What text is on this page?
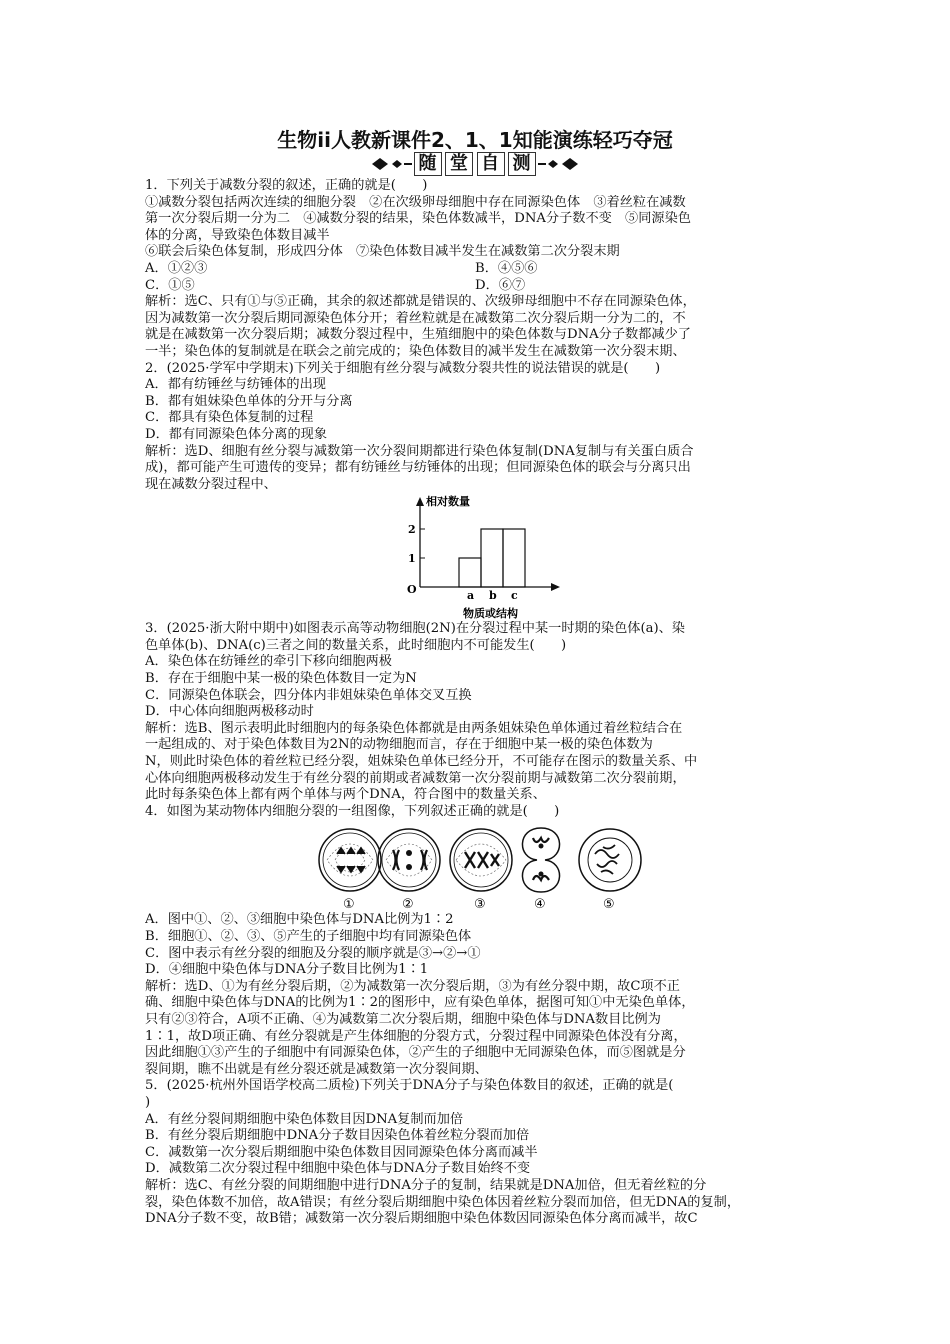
生物ii人教新课件2、1、1知能演练轻巧夺冠
随 堂 自 测

1．下列关于减数分裂的叙述，正确的就是(　　)

①减数分裂包括两次连续的细胞分裂　②在次级卵母细胞中存在同源染色体　③着丝粒在减数

第一次分裂后期一分为二　④减数分裂的结果，染色体数减半，DNA分子数不变　⑤同源染色

体的分离，导致染色体数目减半

⑥联会后染色体复制，形成四分体　⑦染色体数目减半发生在减数第二次分裂末期

A．①②③	B．④⑤⑥
C．①⑤	D．⑥⑦

解析：选C、只有①与⑤正确，其余的叙述都就是错误的、次级卵母细胞中不存在同源染色体，

因为减数第一次分裂后期同源染色体分开；着丝粒就是在减数第二次分裂后期一分为二的，不

就是在减数第一次分裂后期；减数分裂过程中，生殖细胞中的染色体数与DNA分子数都减少了

一半；染色体的复制就是在联会之前完成的；染色体数目的减半发生在减数第一次分裂末期、

2．(2025·学军中学期末)下列关于细胞有丝分裂与减数分裂共性的说法错误的就是(　　)

A．都有纺锤丝与纺锤体的出现

B．都有姐妹染色单体的分开与分离

C．都具有染色体复制的过程

D．都有同源染色体分离的现象

解析：选D、细胞有丝分裂与减数第一次分裂间期都进行染色体复制(DNA复制与有关蛋白质合

成)，都可能产生可遗传的变异；都有纺锤丝与纺锤体的出现；但同源染色体的联会与分离只出

现在减数分裂过程中、

相对数量
物质或结构
O	a b c
1
2

3．(2025·浙大附中期中)如图表示高等动物细胞(2N)在分裂过程中某一时期的染色体(a)、染

色单体(b)、DNA(c)三者之间的数量关系，此时细胞内不可能发生(　　)

A．染色体在纺锤丝的牵引下移向细胞两极

B．存在于细胞中某一极的染色体数目一定为N

C．同源染色体联会，四分体内非姐妹染色单体交叉互换

D．中心体向细胞两极移动时

解析：选B、图示表明此时细胞内的每条染色体都就是由两条姐妹染色单体通过着丝粒结合在

一起组成的、对于染色体数目为2N的动物细胞而言，存在于细胞中某一极的染色体数为

N，则此时染色体的着丝粒已经分裂，姐妹染色单体已经分开，不可能存在图示的数量关系、中

心体向细胞两极移动发生于有丝分裂的前期或者减数第一次分裂前期与减数第二次分裂前期，

此时每条染色体上都有两个单体与两个DNA，符合图中的数量关系、

4．如图为某动物体内细胞分裂的一组图像，下列叙述正确的就是(　　)

①	②	③	④	⑤

A．图中①、②、③细胞中染色体与DNA比例为1∶2

B．细胞①、②、③、⑤产生的子细胞中均有同源染色体

C．图中表示有丝分裂的细胞及分裂的顺序就是③→②→①

D．④细胞中染色体与DNA分子数目比例为1∶1

解析：选D、①为有丝分裂后期，②为减数第一次分裂后期，③为有丝分裂中期，故C项不正

确、细胞中染色体与DNA的比例为1∶2的图形中，应有染色单体，据图可知①中无染色单体，

只有②③符合，A项不正确、④为减数第二次分裂后期，细胞中染色体与DNA数目比例为

1∶1，故D项正确、有丝分裂就是产生体细胞的分裂方式，分裂过程中同源染色体没有分离，

因此细胞①③产生的子细胞中有同源染色体，②产生的子细胞中无同源染色体，而⑤图就是分

裂间期，瞧不出就是有丝分裂还就是减数第一次分裂间期、

5．(2025·杭州外国语学校高二质检)下列关于DNA分子与染色体数目的叙述，正确的就是(

)

A．有丝分裂间期细胞中染色体数目因DNA复制而加倍

B．有丝分裂后期细胞中DNA分子数目因染色体着丝粒分裂而加倍

C．减数第一次分裂后期细胞中染色体数目因同源染色体分离而减半

D．减数第二次分裂过程中细胞中染色体与DNA分子数目始终不变

解析：选C、有丝分裂的间期细胞中进行DNA分子的复制，结果就是DNA加倍，但无着丝粒的分

裂，染色体数不加倍，故A错误；有丝分裂后期细胞中染色体因着丝粒分裂而加倍，但无DNA的复制，

DNA分子数不变，故B错；减数第一次分裂后期细胞中染色体数因同源染色体分离而减半，故C
